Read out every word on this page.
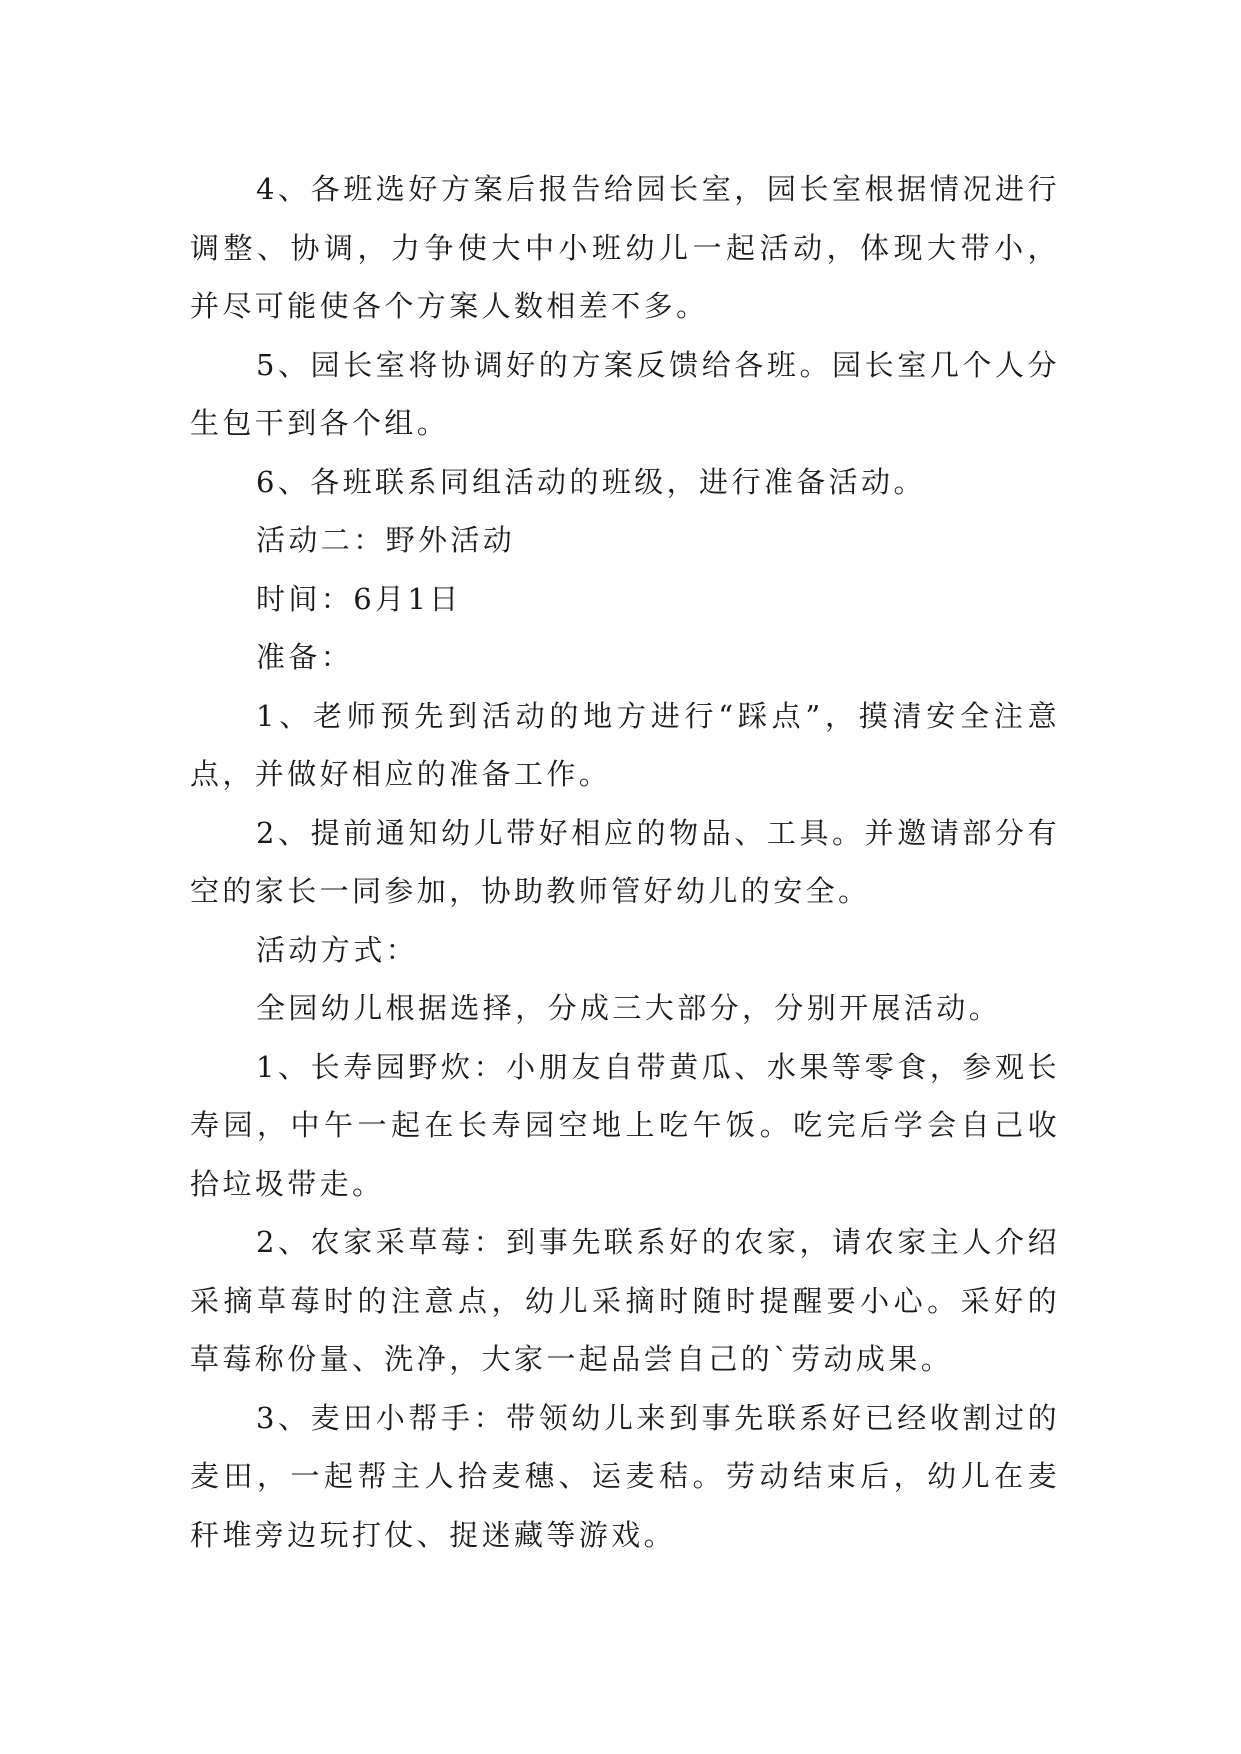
4、各班选好方案后报告给园长室，园长室根据情况进行调整、协调，力争使大中小班幼儿一起活动，体现大带小，并尽可能使各个方案人数相差不多。

5、园长室将协调好的方案反馈给各班。园长室几个人分生包干到各个组。

6、各班联系同组活动的班级，进行准备活动。

活动二：野外活动

时间：6月1日

准备：

1、老师预先到活动的地方进行“踩点”，摸清安全注意点，并做好相应的准备工作。

2、提前通知幼儿带好相应的物品、工具。并邀请部分有空的家长一同参加，协助教师管好幼儿的安全。

活动方式：

全园幼儿根据选择，分成三大部分，分别开展活动。

1、长寿园野炊：小朋友自带黄瓜、水果等零食，参观长寿园，中午一起在长寿园空地上吃午饭。吃完后学会自己收拾垃圾带走。

2、农家采草莓：到事先联系好的农家，请农家主人介绍采摘草莓时的注意点，幼儿采摘时随时提醒要小心。采好的草莓称份量、洗净，大家一起品尝自己的`劳动成果。

3、麦田小帮手：带领幼儿来到事先联系好已经收割过的麦田，一起帮主人拾麦穗、运麦秸。劳动结束后，幼儿在麦秆堆旁边玩打仗、捉迷藏等游戏。
